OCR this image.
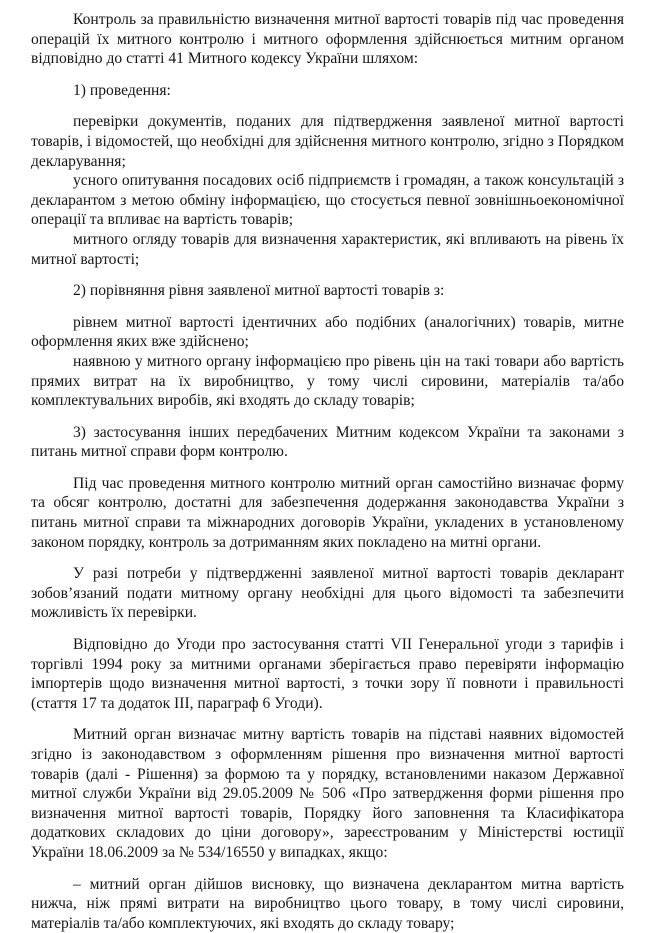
Контроль за правильністю визначення митної вартості товарів під час проведення операцій їх митного контролю і митного оформлення здійснюється митним органом відповідно до статті 41 Митного кодексу України шляхом:

1) проведення:

перевірки документів, поданих для підтвердження заявленої митної вартості товарів, і відомостей, що необхідні для здійснення митного контролю, згідно з Порядком декларування;

усного опитування посадових осіб підприємств і громадян, а також консультацій з декларантом з метою обміну інформацією, що стосується певної зовнішньоекономічної операції та впливає на вартість товарів;

митного огляду товарів для визначення характеристик, які впливають на рівень їх митної вартості;

2) порівняння рівня заявленої митної вартості товарів з:

рівнем митної вартості ідентичних або подібних (аналогічних) товарів, митне оформлення яких вже здійснено;

наявною у митного органу інформацією про рівень цін на такі товари або вартість прямих витрат на їх виробництво, у тому числі сировини, матеріалів та/або комплектувальних виробів, які входять до складу товарів;

3) застосування інших передбачених Митним кодексом України та законами з питань митної справи форм контролю.

Під час проведення митного контролю митний орган самостійно визначає форму та обсяг контролю, достатні для забезпечення додержання законодавства України з питань митної справи та міжнародних договорів України, укладених в установленому законом порядку, контроль за дотриманням яких покладено на митні органи.

У разі потреби у підтвердженні заявленої митної вартості товарів декларант зобов’язаний подати митному органу необхідні для цього відомості та забезпечити можливість їх перевірки.

Відповідно до Угоди про застосування статті VII Генеральної угоди з тарифів і торгівлі 1994 року за митними органами зберігається право перевіряти інформацію імпортерів щодо визначення митної вартості, з точки зору її повноти і правильності (стаття 17 та додаток III, параграф 6 Угоди).

Митний орган визначає митну вартість товарів на підставі наявних відомостей згідно із законодавством з оформленням рішення про визначення митної вартості товарів (далі - Рішення) за формою та у порядку, встановленими наказом Державної митної служби України від 29.05.2009 № 506 «Про затвердження форми рішення про визначення митної вартості товарів, Порядку його заповнення та Класифікатора додаткових складових до ціни договору», зареєстрованим у Міністерстві юстиції України 18.06.2009 за № 534/16550 у випадках, якщо:

– митний орган дійшов висновку, що визначена декларантом митна вартість нижча, ніж прямі витрати на виробництво цього товару, в тому числі сировини, матеріалів та/або комплектуючих, які входять до складу товару;
